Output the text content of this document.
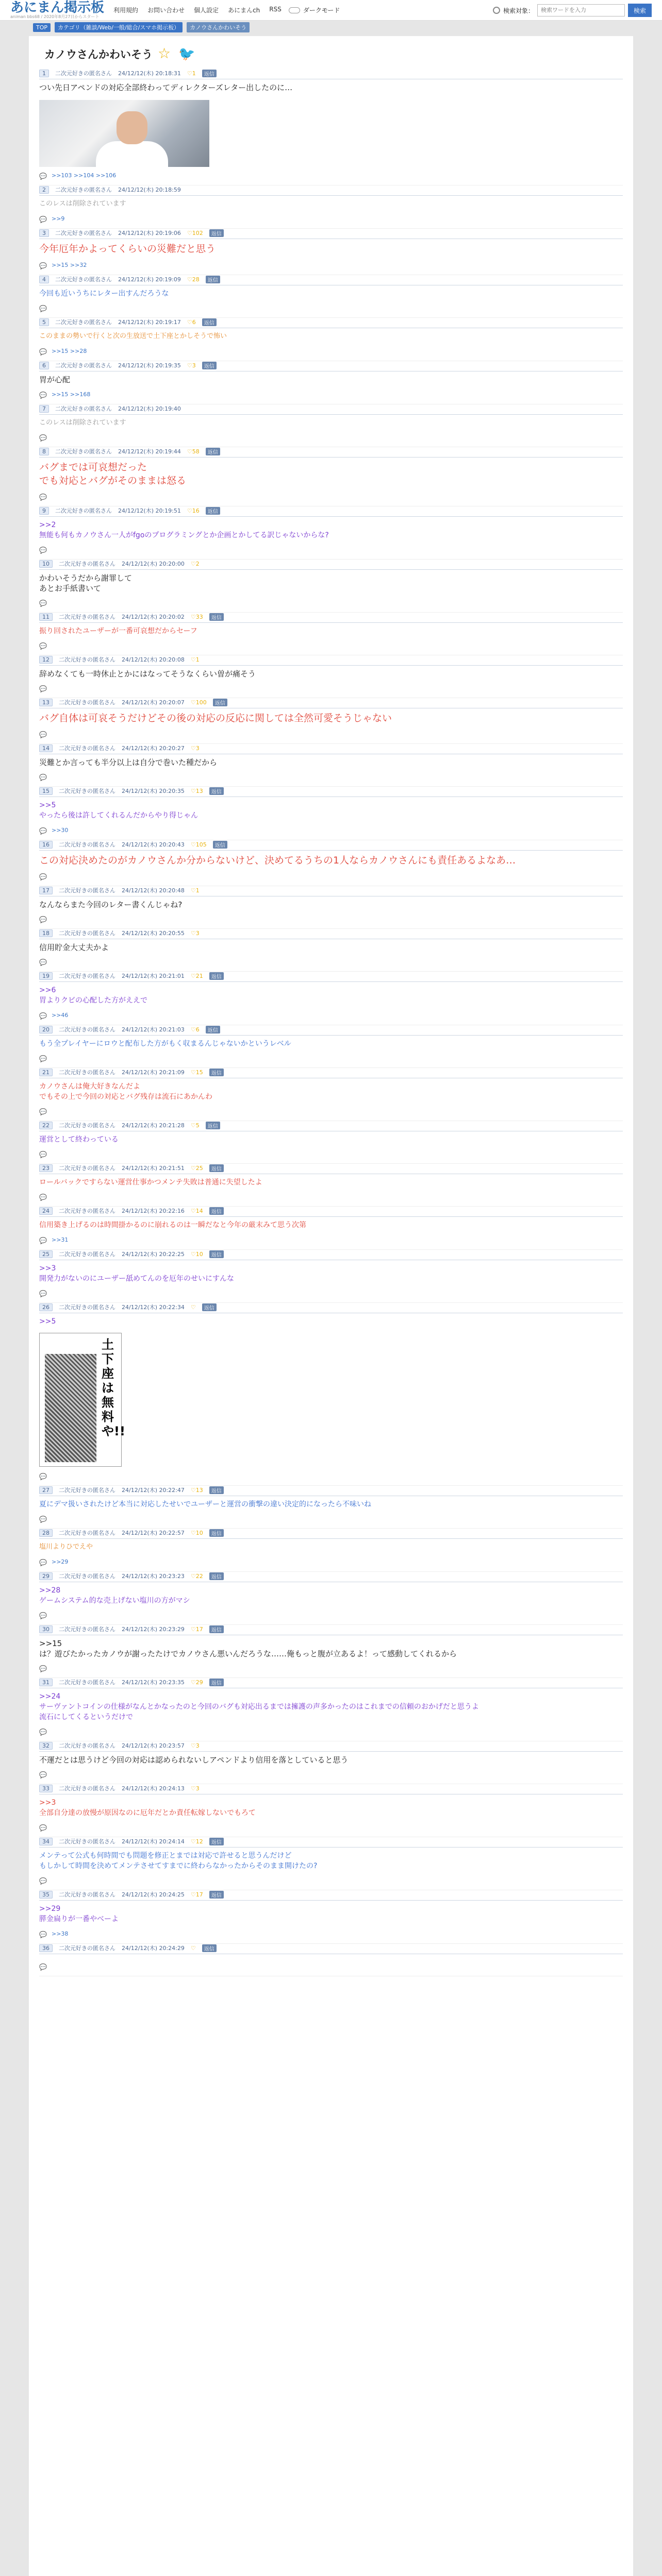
あにまん掲示板
animan bbs68 / 2020年8月27日からスタート
利用規約 お問い合わせ 個人設定 あにまんch RSS	ダークモード	検索対象：
検索ワードを入力	検索
TOP	カテゴリ（雑談/Web/一般/総合/スマホ掲示板）	カノウさんかわいそう
カノウさんかわいそう ☆ 🐦
1	二次元好きの匿名さん 24/12/12(木) 20:18:31 ♡1	返信
つい先日アペンドの対応全部終わってディレクターズレター出したのに…
💬 >>103 >>104 >>106
2	二次元好きの匿名さん 24/12/12(木) 20:18:59
このレスは削除されています
💬 >>9
3	二次元好きの匿名さん 24/12/12(木) 20:19:06 ♡102	返信
今年厄年かよってくらいの災難だと思う
💬 >>15 >>32
4	二次元好きの匿名さん 24/12/12(木) 20:19:09 ♡28	返信
今回も近いうちにレター出すんだろうな
💬
5	二次元好きの匿名さん 24/12/12(木) 20:19:17 ♡6	返信
このままの勢いで行くと次の生放送で土下座とかしそうで怖い
💬 >>15 >>28
6	二次元好きの匿名さん 24/12/12(木) 20:19:35 ♡3	返信
胃が心配
💬 >>15 >>168
7	二次元好きの匿名さん 24/12/12(木) 20:19:40
このレスは削除されています
💬
8	二次元好きの匿名さん 24/12/12(木) 20:19:44 ♡58	返信
バグまでは可哀想だった
でも対応とバグがそのままは怒る
💬
9	二次元好きの匿名さん 24/12/12(木) 20:19:51 ♡16	返信
>>2
無能も何もカノウさん一人がfgoのプログラミングとか企画とかしてる訳じゃないからな?
💬
10	二次元好きの匿名さん 24/12/12(木) 20:20:00 ♡2
かわいそうだから謝罪して
あとお手紙書いて
💬
11	二次元好きの匿名さん 24/12/12(木) 20:20:02 ♡33	返信
振り回されたユーザーが一番可哀想だからセーフ
💬
12	二次元好きの匿名さん 24/12/12(木) 20:20:08 ♡1
辞めなくても一時休止とかにはなってそうなくらい曽が痛そう
💬
13	二次元好きの匿名さん 24/12/12(木) 20:20:07 ♡100	返信
バグ自体は可哀そうだけどその後の対応の反応に関しては全然可愛そうじゃない
💬
14	二次元好きの匿名さん 24/12/12(木) 20:20:27 ♡3
災難とか言っても半分以上は自分で巻いた種だから
💬
15	二次元好きの匿名さん 24/12/12(木) 20:20:35 ♡13	返信
>>5
やったら後は許してくれるんだからやり得じゃん
💬 >>30
16	二次元好きの匿名さん 24/12/12(木) 20:20:43 ♡105	返信
この対応決めたのがカノウさんか分からないけど、決めてるうちの1人ならカノウさんにも責任あるよなあ…
💬
17	二次元好きの匿名さん 24/12/12(木) 20:20:48 ♡1
なんならまた今回のレター書くんじゃね?
💬
18	二次元好きの匿名さん 24/12/12(木) 20:20:55 ♡3
信用貯金大丈夫かよ
💬
19	二次元好きの匿名さん 24/12/12(木) 20:21:01 ♡21	返信
>>6
胃よりクビの心配した方がええで
💬 >>46
20	二次元好きの匿名さん 24/12/12(木) 20:21:03 ♡6	返信
もう全プレイヤーにロウと配布した方がもく収まるんじゃないかというレベル
💬
21	二次元好きの匿名さん 24/12/12(木) 20:21:09 ♡15	返信
カノウさんは俺大好きなんだよ
でもその上で今回の対応とバグ残存は流石にあかんわ
💬
22	二次元好きの匿名さん 24/12/12(木) 20:21:28 ♡5	返信
運営として終わっている
💬
23	二次元好きの匿名さん 24/12/12(木) 20:21:51 ♡25	返信
ロールバックですらない運営仕事かつメンテ失敗は普通に失望したよ
💬
24	二次元好きの匿名さん 24/12/12(木) 20:22:16 ♡14	返信
信用築き上げるのは時間掛かるのに崩れるのは一瞬だなと今年の厳末みて思う次第
💬 >>31
25	二次元好きの匿名さん 24/12/12(木) 20:22:25 ♡10	返信
>>3
開発力がないのにユーザー舐めてんのを厄年のせいにすんな
💬
26	二次元好きの匿名さん 24/12/12(木) 20:22:34 ♡	返信
>>5
土下座は無料や!!
💬
27	二次元好きの匿名さん 24/12/12(木) 20:22:47 ♡13	返信
夏にデマ扱いされたけど本当に対応したせいでユーザーと運営の衝撃の違い決定的になったら不味いね
💬
28	二次元好きの匿名さん 24/12/12(木) 20:22:57 ♡10	返信
塩川よりひでえや
💬 >>29
29	二次元好きの匿名さん 24/12/12(木) 20:23:23 ♡22	返信
>>28
ゲームシステム的な売上げない塩川の方がマシ
💬
30	二次元好きの匿名さん 24/12/12(木) 20:23:29 ♡17	返信
>>15
は？遊びたかったカノウが謝ったたけでカノウさん悪いんだろうな……俺もっと腹が立あるよ！って感動してくれるから
💬
31	二次元好きの匿名さん 24/12/12(木) 20:23:35 ♡29	返信
>>24
サーヴァントコインの仕様がなんとかなったのと今回のバグも対応出るまでは擁護の声多かったのはこれまでの信頼のおかげだと思うよ
流石にしてくるというだけで
💬
32	二次元好きの匿名さん 24/12/12(木) 20:23:57 ♡3
不運だとは思うけど今回の対応は認められないしアペンドより信用を落としていると思う
💬
33	二次元好きの匿名さん 24/12/12(木) 20:24:13 ♡3
>>3
全部自分達の放慢が原因なのに厄年だとか責任転嫁しないでもろて
💬
34	二次元好きの匿名さん 24/12/12(木) 20:24:14 ♡12	返信
メンテって公式も何時間でも問題を修正とまでは対応で許せると思うんだけど
もしかして時間を決めてメンテさせてすまでに終わらなかったからそのまま開けたの?
💬
35	二次元好きの匿名さん 24/12/12(木) 20:24:25 ♡17	返信
>>29
膵金扁りが一番やべーよ
💬 >>38
36	二次元好きの匿名さん 24/12/12(木) 20:24:29 ♡	返信
💬
